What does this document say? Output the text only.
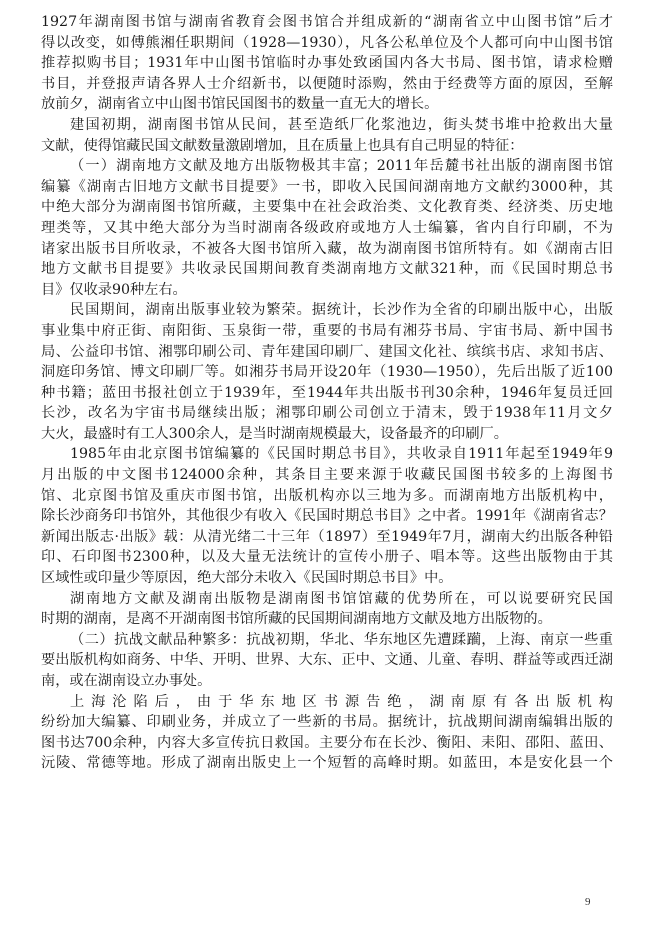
1927年湖南图书馆与湖南省教育会图书馆合并组成新的“湖南省立中山图书馆”后才
得以改变，如傅熊湘任职期间（1928—1930），凡各公私单位及个人都可向中山图书馆
推荐拟购书目；1931年中山图书馆临时办事处致函国内各大书局、图书馆，请求检赠
书目，并登报声请各界人士介绍新书，以便随时添购，然由于经费等方面的原因，至解
放前夕，湖南省立中山图书馆民国图书的数量一直无大的增长。
建国初期，湖南图书馆从民间，甚至造纸厂化浆池边，街头焚书堆中抢救出大量
文献，使得馆藏民国文献数量激剧增加，且在质量上也具有自己明显的特征：
（一）湖南地方文献及地方出版物极其丰富；2011年岳麓书社出版的湖南图书馆
编纂《湖南古旧地方文献书目提要》一书，即收入民国间湖南地方文献约3000种，其
中绝大部分为湖南图书馆所藏，主要集中在社会政治类、文化教育类、经济类、历史地
理类等，又其中绝大部分为当时湖南各级政府或地方人士编纂，省内自行印刷，不为
诸家出版书目所收录，不被各大图书馆所入藏，故为湖南图书馆所特有。如《湖南古旧
地方文献书目提要》共收录民国期间教育类湖南地方文献321种，而《民国时期总书
目》仅收录90种左右。
民国期间，湖南出版事业较为繁荣。据统计，长沙作为全省的印刷出版中心，出版
事业集中府正街、南阳街、玉泉街一带，重要的书局有湘芬书局、宇宙书局、新中国书
局、公益印书馆、湘鄂印刷公司、青年建国印刷厂、建国文化社、缤缤书店、求知书店、
洞庭印务馆、博文印刷厂等。如湘芬书局开设20年（1930—1950），先后出版了近100
种书籍；蓝田书报社创立于1939年，至1944年共出版书刊30余种，1946年复员迁回
长沙，改名为宇宙书局继续出版；湘鄂印刷公司创立于清末，毁于1938年11月文夕
大火，最盛时有工人300余人，是当时湖南规模最大，设备最齐的印刷厂。
1985年由北京图书馆编纂的《民国时期总书目》，共收录自1911年起至1949年9
月出版的中文图书124000余种，其条目主要来源于收藏民国图书较多的上海图书
馆、北京图书馆及重庆市图书馆，出版机构亦以三地为多。而湖南地方出版机构中，
除长沙商务印书馆外，其他很少有收入《民国时期总书目》之中者。1991年《湖南省志？
新闻出版志·出版》载：从清光绪二十三年（1897）至1949年7月，湖南大约出版各种铅
印、石印图书2300种，以及大量无法统计的宣传小册子、唱本等。这些出版物由于其
区域性或印量少等原因，绝大部分未收入《民国时期总书目》中。
湖南地方文献及湖南出版物是湖南图书馆馆藏的优势所在，可以说要研究民国
时期的湖南，是离不开湖南图书馆所藏的民国期间湖南地方文献及地方出版物的。
（二）抗战文献品种繁多：抗战初期，华北、华东地区先遭蹂躏，上海、南京一些重
要出版机构如商务、中华、开明、世界、大东、正中、文通、儿童、春明、群益等或西迁湖
南，或在湖南设立办事处。
上海沦陷后，由于华东地区书源告绝，湖南原有各出版机构
纷纷加大编纂、印刷业务，并成立了一些新的书局。据统计，抗战期间湖南编辑出版的
图书达700余种，内容大多宣传抗日救国。主要分布在长沙、衡阳、耒阳、邵阳、蓝田、
沅陵、常德等地。形成了湖南出版史上一个短暂的高峰时期。如蓝田，本是安化县一个
9
